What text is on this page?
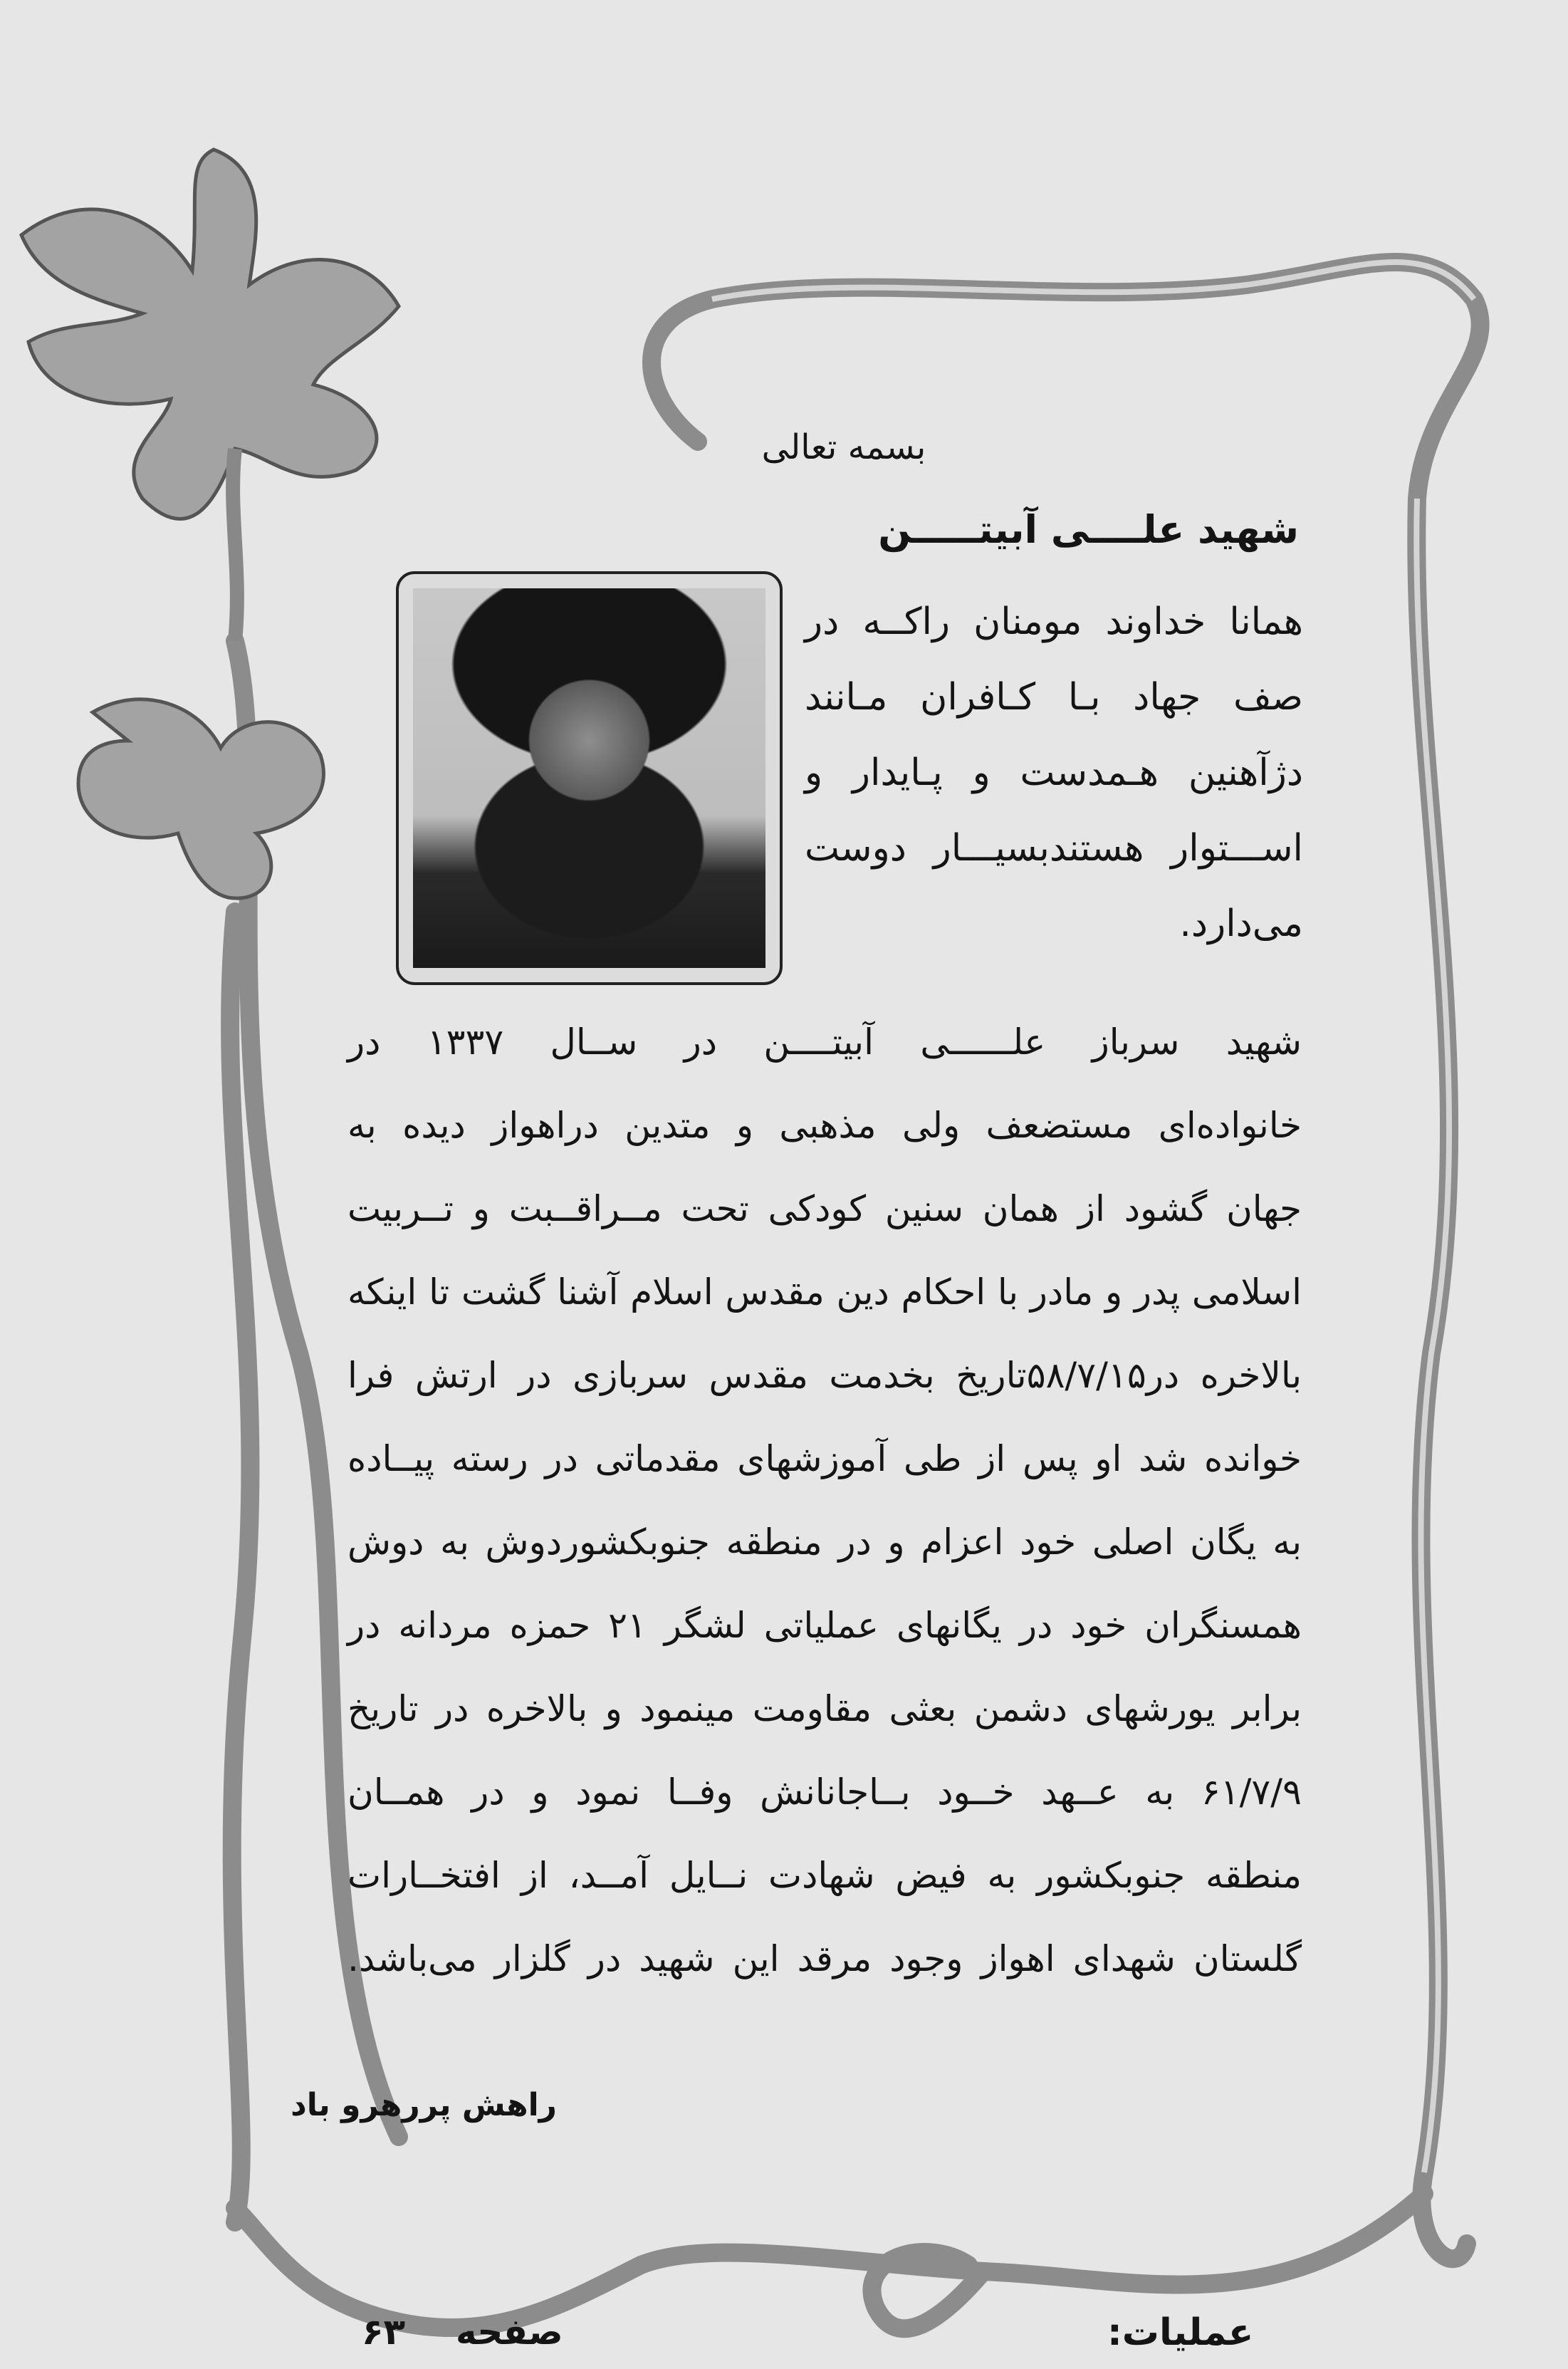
بسمه تعالی
شهید علــــی آبیتـــــن
همانا خداوند مومنان راکــه در
صف جهاد بـا کـافران مـانند
دژآهنین هـمدست و پـایدار و
اســـتوار هستندبسیـــار دوست
می‌دارد.
شهید سرباز علــــــی آبیتــــن در ســال ۱۳۳۷ در
خانواده‌ای مستضعف ولی مذهبی و متدین دراهواز دیده به
جهان گشود از همان سنین کودکی تحت مــراقــبت و تــربیت
اسلامی پدر و مادر با احکام دین مقدس اسلام آشنا گشت تا اینکه
بالاخره در۵۸/۷/۱۵تاریخ بخدمت مقدس سربازی در ارتش فرا
خوانده شد او پس از طی آموزشهای مقدماتی در رسته پیــاده
به یگان اصلی خود اعزام و در منطقه جنوبکشوردوش به دوش
همسنگران خود در یگانهای عملیاتی لشگر ۲۱ حمزه مردانه در
برابر یورشهای دشمن بعثی مقاومت مینمود و بالاخره در تاریخ
۶۱/۷/۹ به عــهد خــود بــاجانانش وفــا نمود و در همــان
منطقه جنوبکشور به فیض شهادت نــایل آمــد، از افتخــارات
گلستان شهدای اهواز وجود مرقد این شهید در گلزار می‌باشد.
راهش پررهرو باد
صفحه
۶۳	عملیات:
